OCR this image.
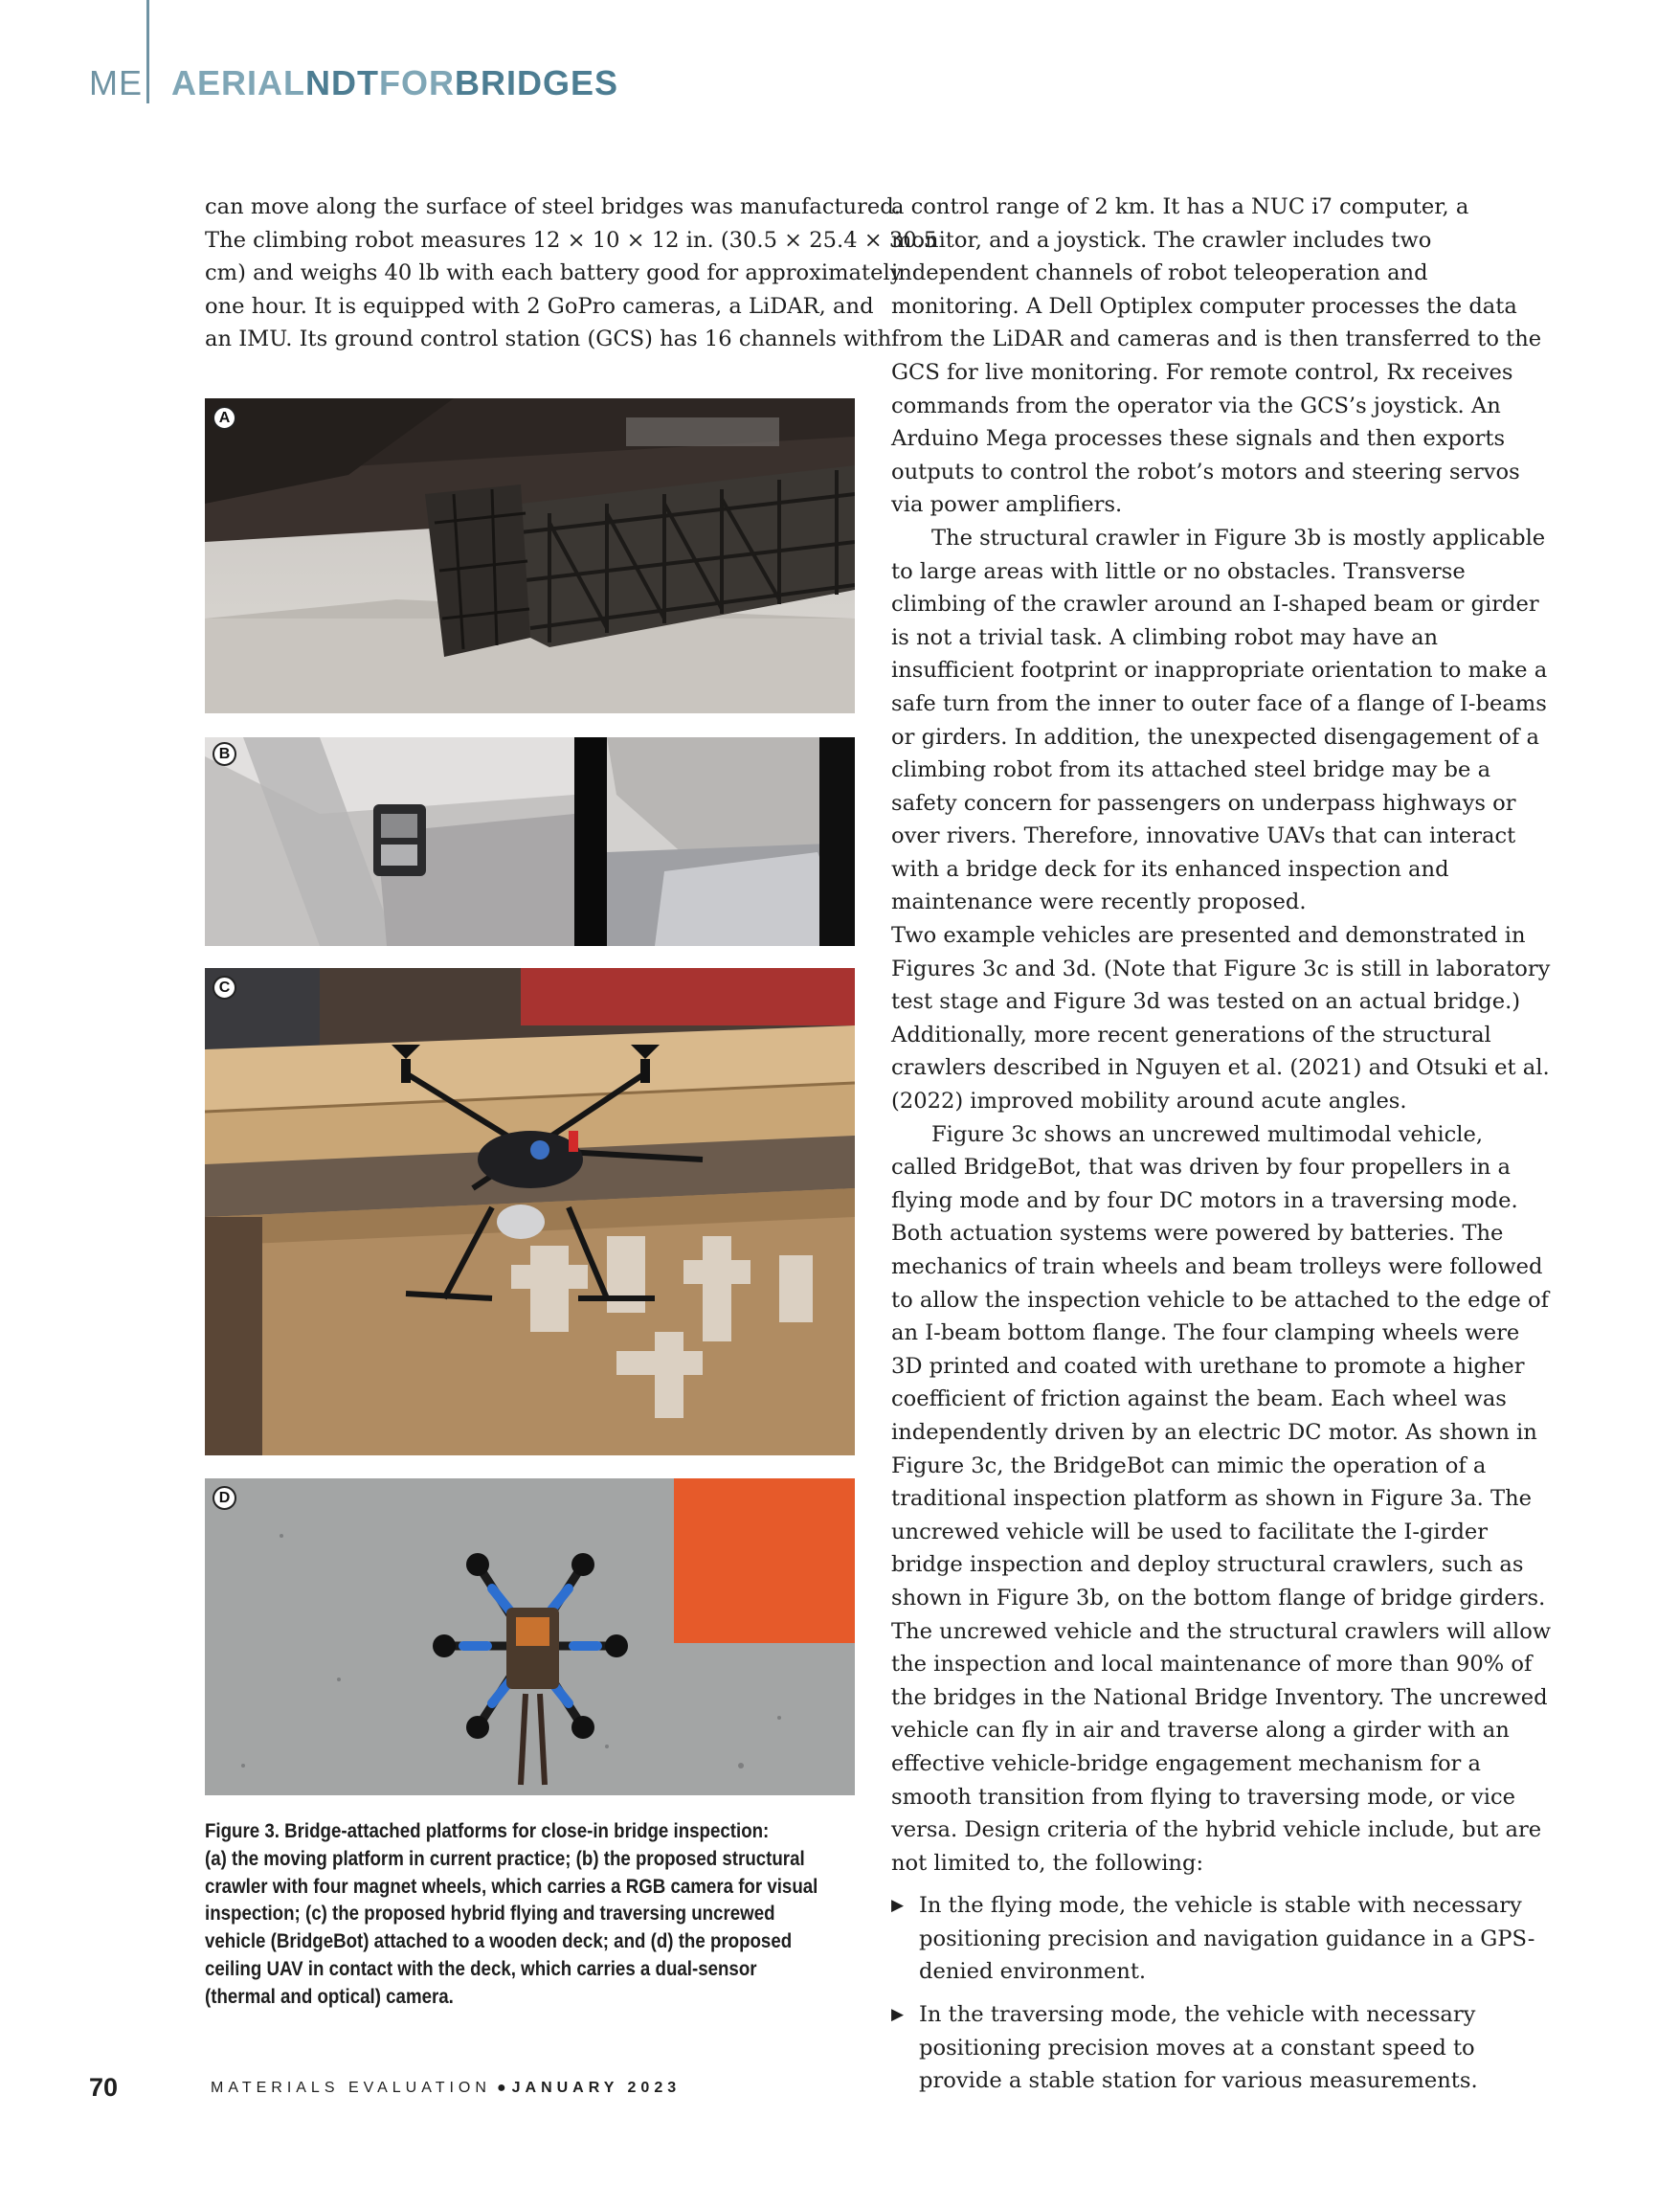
ME AERIALNDTFORBRIDGES
can move along the surface of steel bridges was manufactured.
The climbing robot measures 12 × 10 × 12 in. (30.5 × 25.4 × 30.5
cm) and weighs 40 lb with each battery good for approximately
one hour. It is equipped with 2 GoPro cameras, a LiDAR, and
an IMU. Its ground control station (GCS) has 16 channels with
A
B
C
D
Figure 3. Bridge-attached platforms for close-in bridge inspection:
(a) the moving platform in current practice; (b) the proposed structural
crawler with four magnet wheels, which carries a RGB camera for visual
inspection; (c) the proposed hybrid flying and traversing uncrewed
vehicle (BridgeBot) attached to a wooden deck; and (d) the proposed
ceiling UAV in contact with the deck, which carries a dual-sensor
(thermal and optical) camera.

a control range of 2 km. It has a NUC i7 computer, a monitor, and a joystick. The crawler includes two independent channels of robot teleoperation and monitoring. A Dell Optiplex computer processes the data from the LiDAR and cameras and is then transferred to the GCS for live monitoring. For remote control, Rx receives commands from the operator via the GCS’s joystick. An Arduino Mega processes these signals and then exports outputs to control the robot’s motors and steering servos via power amplifiers.

The structural crawler in Figure 3b is mostly applicable to large areas with little or no obstacles. Transverse climbing of the crawler around an I-shaped beam or girder is not a trivial task. A climbing robot may have an insufficient footprint or inappropriate orientation to make a safe turn from the inner to outer face of a flange of I-beams or girders. In addition, the unexpected disengagement of a climbing robot from its attached steel bridge may be a safety concern for passengers on underpass highways or over rivers. Therefore, innovative UAVs that can interact with a bridge deck for its enhanced inspection and maintenance were recently proposed.

Two example vehicles are presented and demonstrated in Figures 3c and 3d. (Note that Figure 3c is still in laboratory test stage and Figure 3d was tested on an actual bridge.) Additionally, more recent generations of the structural crawlers described in Nguyen et al. (2021) and Otsuki et al. (2022) improved mobility around acute angles.

Figure 3c shows an uncrewed multimodal vehicle, called BridgeBot, that was driven by four propellers in a flying mode and by four DC motors in a traversing mode. Both actuation systems were powered by batteries. The mechanics of train wheels and beam trolleys were followed to allow the inspection vehicle to be attached to the edge of an I-beam bottom flange. The four clamping wheels were 3D printed and coated with urethane to promote a higher coefficient of friction against the beam. Each wheel was independently driven by an electric DC motor. As shown in Figure 3c, the BridgeBot can mimic the operation of a traditional inspection platform as shown in Figure 3a. The uncrewed vehicle will be used to facilitate the I-girder bridge inspection and deploy structural crawlers, such as shown in Figure 3b, on the bottom flange of bridge girders. The uncrewed vehicle and the structural crawlers will allow the inspection and local maintenance of more than 90% of the bridges in the National Bridge Inventory. The uncrewed vehicle can fly in air and traverse along a girder with an effective vehicle-bridge engagement mechanism for a smooth transition from flying to traversing mode, or vice versa. Design criteria of the hybrid vehicle include, but are not limited to, the following:

▶ In the flying mode, the vehicle is stable with necessary positioning precision and navigation guidance in a GPS-denied environment.
▶ In the traversing mode, the vehicle with necessary positioning precision moves at a constant speed to provide a stable station for various measurements.
70	MATERIALS EVALUATION ● JANUARY 2023
